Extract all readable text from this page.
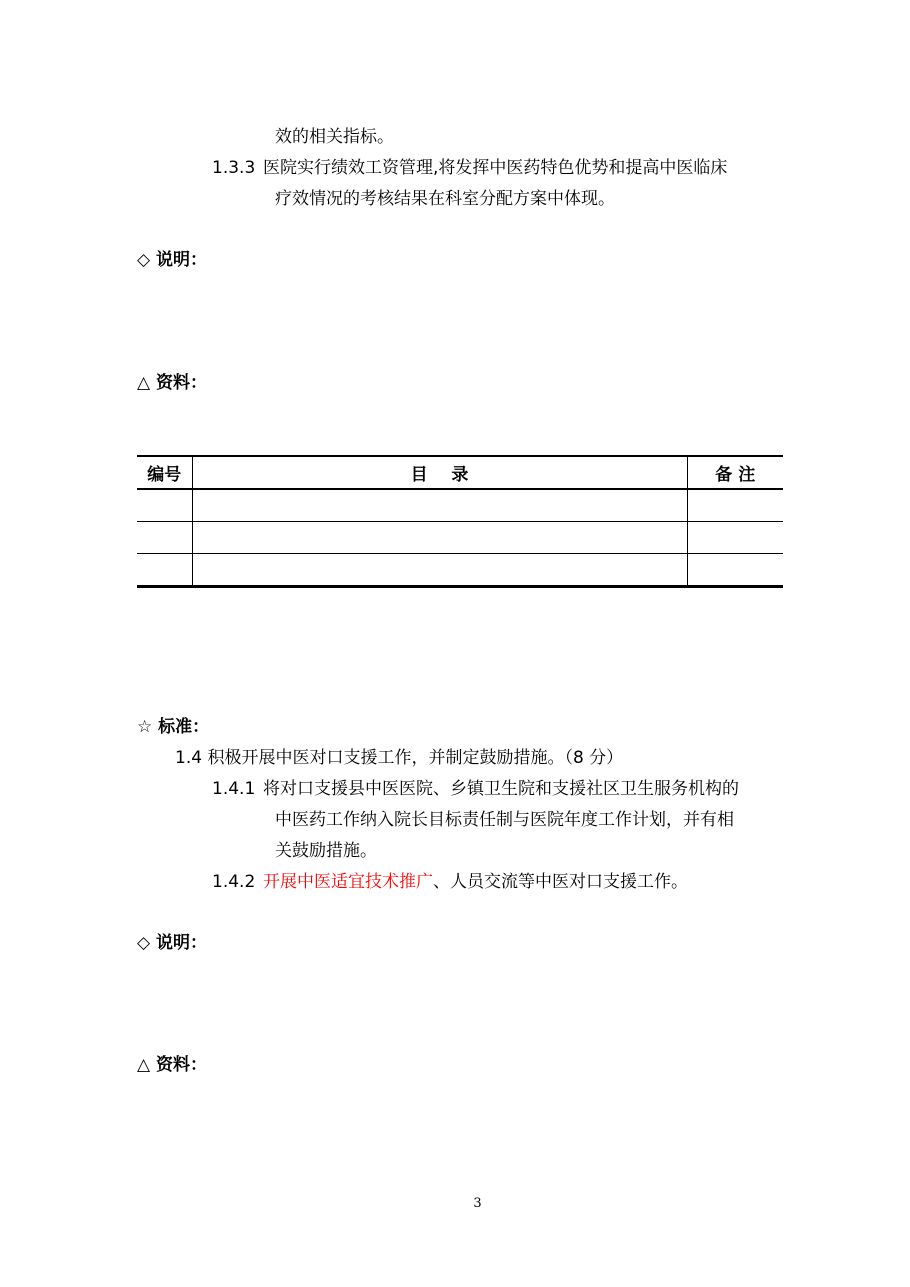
效的相关指标。
1.3.3 医院实行绩效工资管理,将发挥中医药特色优势和提高中医临床
疗效情况的考核结果在科室分配方案中体现。
◇ 说明：
△ 资料：
编号	目    录	备 注

☆ 标准：
1.4 积极开展中医对口支援工作，并制定鼓励措施。（8 分）
1.4.1 将对口支援县中医医院、乡镇卫生院和支援社区卫生服务机构的
中医药工作纳入院长目标责任制与医院年度工作计划，并有相
关鼓励措施。
1.4.2 开展中医适宜技术推广、人员交流等中医对口支援工作。
◇ 说明：
△ 资料：
3
